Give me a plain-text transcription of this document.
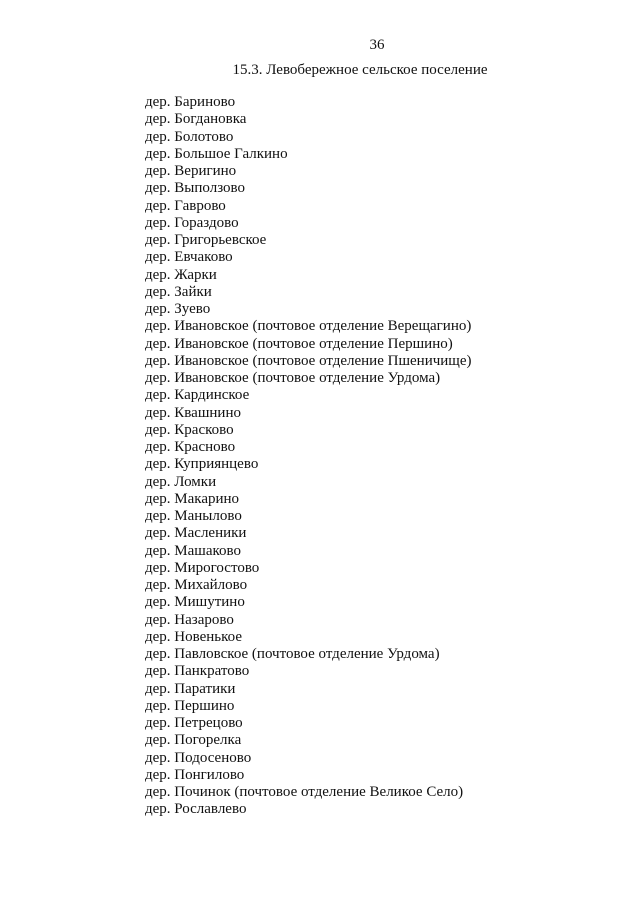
36
15.3. Левобережное сельское поселение
дер. Бариново
дер. Богдановка
дер. Болотово
дер. Большое Галкино
дер. Веригино
дер. Выползово
дер. Гаврово
дер. Гораздово
дер. Григорьевское
дер. Евчаково
дер. Жарки
дер. Зайки
дер. Зуево
дер. Ивановское (почтовое отделение Верещагино)
дер. Ивановское (почтовое отделение Першино)
дер. Ивановское (почтовое отделение Пшеничище)
дер. Ивановское (почтовое отделение Урдома)
дер. Кардинское
дер. Квашнино
дер. Красково
дер. Красново
дер. Куприянцево
дер. Ломки
дер. Макарино
дер. Манылово
дер. Масленики
дер. Машаково
дер. Мирогостово
дер. Михайлово
дер. Мишутино
дер. Назарово
дер. Новенькое
дер. Павловское (почтовое отделение Урдома)
дер. Панкратово
дер. Паратики
дер. Першино
дер. Петрецово
дер. Погорелка
дер. Подосеново
дер. Понгилово
дер. Починок (почтовое отделение Великое Село)
дер. Рославлево
